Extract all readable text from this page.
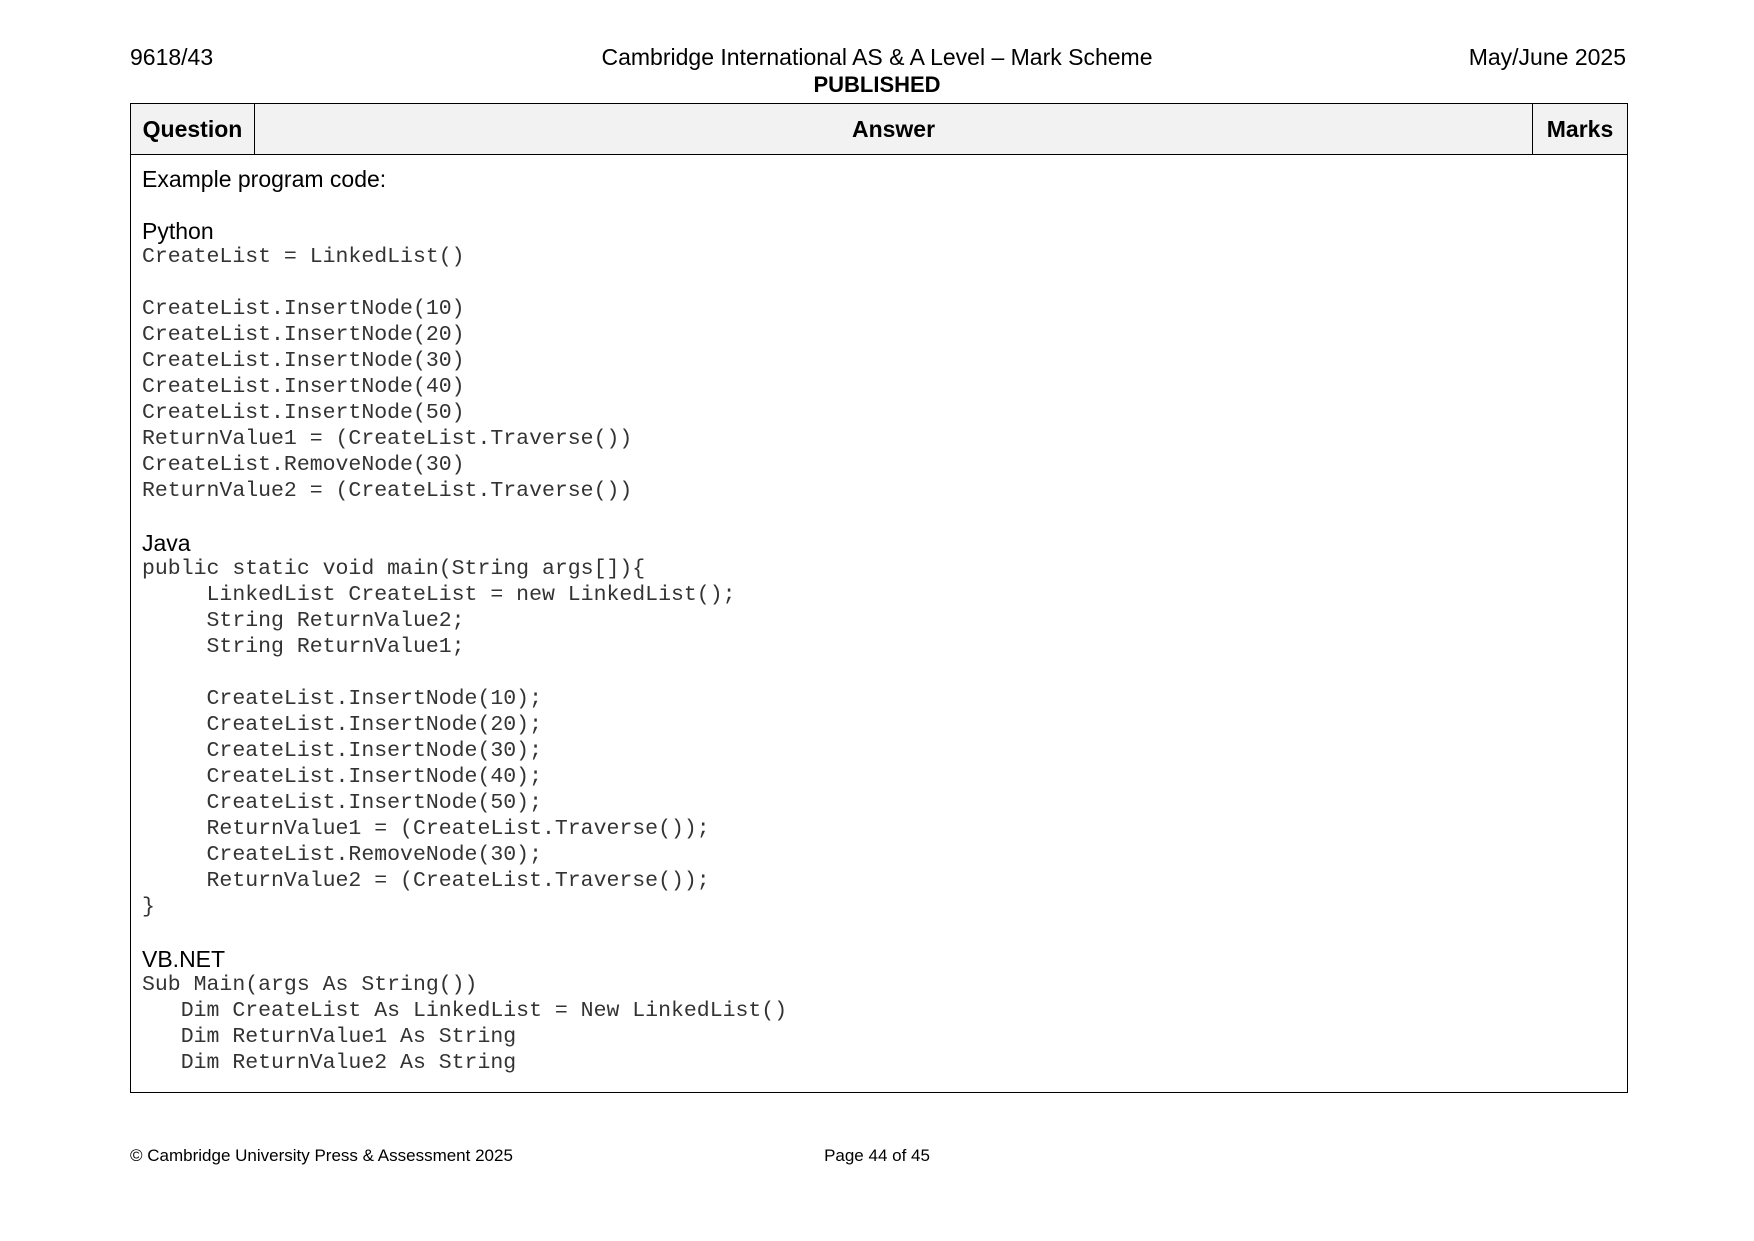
9618/43	Cambridge International AS & A Level – Mark Scheme	May/June 2025
PUBLISHED
Question	Answer	Marks
Example program code:
Python
CreateList = LinkedList()
CreateList.InsertNode(10)
CreateList.InsertNode(20)
CreateList.InsertNode(30)
CreateList.InsertNode(40)
CreateList.InsertNode(50)
ReturnValue1 = (CreateList.Traverse())
CreateList.RemoveNode(30)
ReturnValue2 = (CreateList.Traverse())
Java
public static void main(String args[]){
LinkedList CreateList = new LinkedList();
String ReturnValue2;
String ReturnValue1;
CreateList.InsertNode(10);
CreateList.InsertNode(20);
CreateList.InsertNode(30);
CreateList.InsertNode(40);
CreateList.InsertNode(50);
ReturnValue1 = (CreateList.Traverse());
CreateList.RemoveNode(30);
ReturnValue2 = (CreateList.Traverse());
}
VB.NET
Sub Main(args As String())
Dim CreateList As LinkedList = New LinkedList()
Dim ReturnValue1 As String
Dim ReturnValue2 As String
© Cambridge University Press & Assessment 2025	Page 44 of 45
